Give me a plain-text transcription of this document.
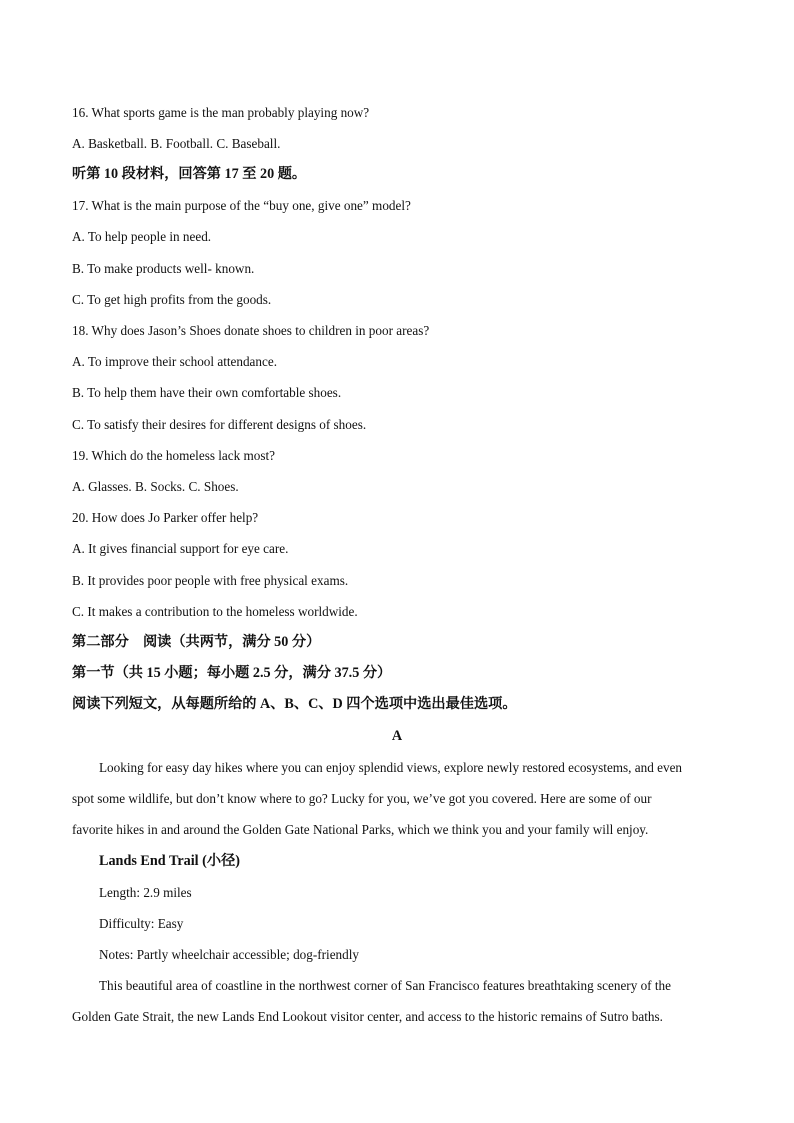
16. What sports game is the man probably playing now?
A. Basketball. B. Football. C. Baseball.
听第 10 段材料，回答第 17 至 20 题。
17. What is the main purpose of the “buy one, give one” model?
A. To help people in need.
B. To make products well- known.
C. To get high profits from the goods.
18. Why does Jason’s Shoes donate shoes to children in poor areas?
A. To improve their school attendance.
B. To help them have their own comfortable shoes.
C. To satisfy their desires for different designs of shoes.
19. Which do the homeless lack most?
A. Glasses. B. Socks. C. Shoes.
20. How does Jo Parker offer help?
A. It gives financial support for eye care.
B. It provides poor people with free physical exams.
C. It makes a contribution to the homeless worldwide.
第二部分　阅读（共两节，满分 50 分）
第一节（共 15 小题；每小题 2.5 分，满分 37.5 分）
阅读下列短文，从每题所给的 A、B、C、D 四个选项中选出最佳选项。
A
Looking for easy day hikes where you can enjoy splendid views, explore newly restored ecosystems, and even
spot some wildlife, but don’t know where to go? Lucky for you, we’ve got you covered. Here are some of our
favorite hikes in and around the Golden Gate National Parks, which we think you and your family will enjoy.
Lands End Trail (小径)
Length: 2.9 miles
Difficulty: Easy
Notes: Partly wheelchair accessible; dog-friendly
This beautiful area of coastline in the northwest corner of San Francisco features breathtaking scenery of the
Golden Gate Strait, the new Lands End Lookout visitor center, and access to the historic remains of Sutro baths.
